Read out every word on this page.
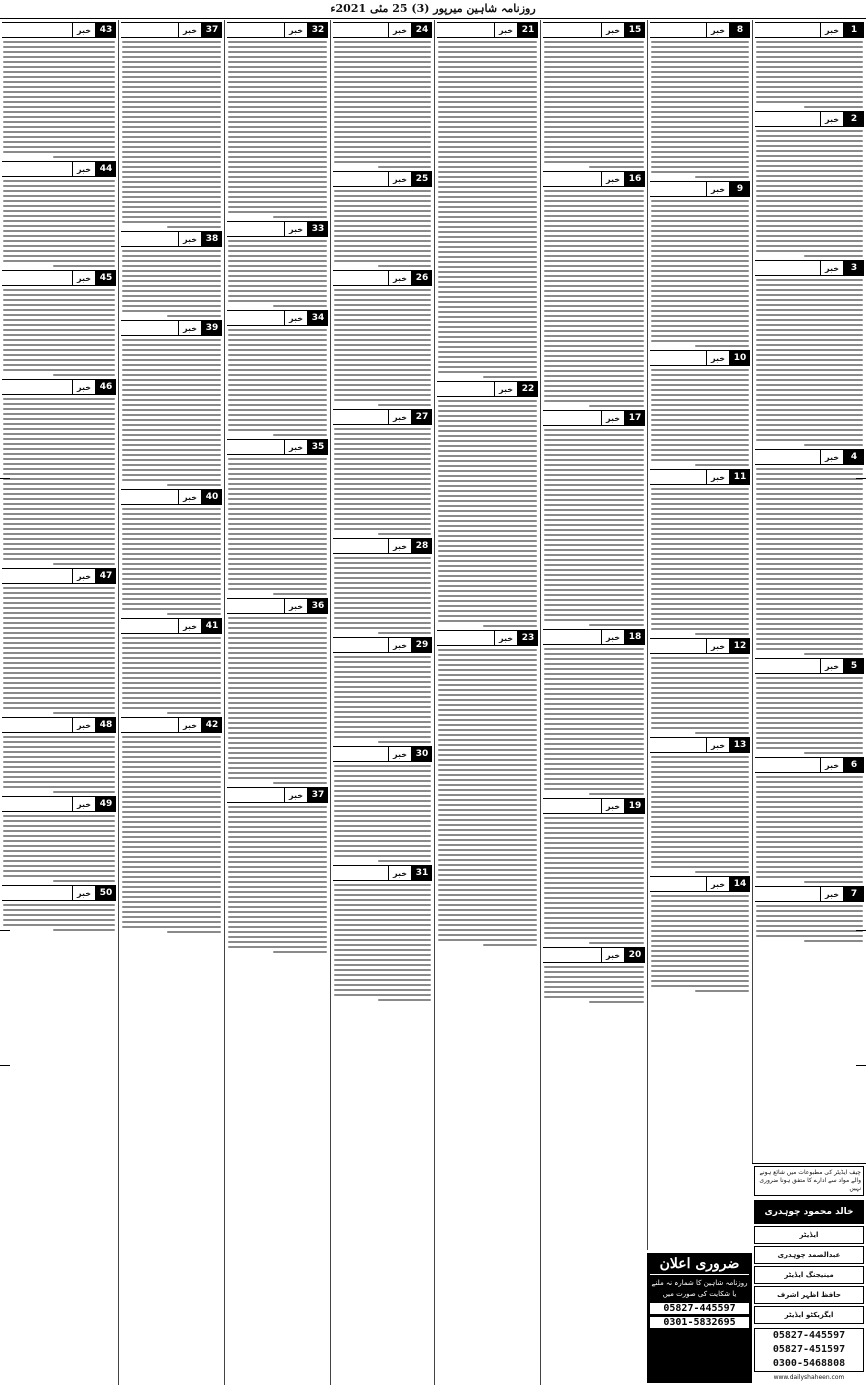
روزنامہ شاہین میرپور (3) 25 مئی 2021ء
1
خبر
2
خبر
3
خبر
4
خبر
5
خبر
6
خبر
7
خبر
8
خبر
9
خبر
10
خبر
11
خبر
12
خبر
13
خبر
14
خبر
15
خبر
16
خبر
17
خبر
18
خبر
19
خبر
20
خبر
21
خبر
22
خبر
23
خبر
24
خبر
25
خبر
26
خبر
27
خبر
28
خبر
29
خبر
30
خبر
31
خبر
32
خبر
33
خبر
34
خبر
35
خبر
36
خبر
37
خبر
37
خبر
38
خبر
39
خبر
40
خبر
41
خبر
42
خبر
43
خبر
44
خبر
45
خبر
46
خبر
47
خبر
48
خبر
49
خبر
50
خبر
ضروری اعلان
روزنامہ شاہین کا شمارہ نہ ملنے یا شکایت کی صورت میں
05827-445597
0301-5832695
چیف ایڈیٹر کی مطبوعات میں شائع ہونے والے مواد سے ادارے کا متفق ہونا ضروری نہیں
خالد محمود چوہدری
ایڈیٹر
عبدالصمد چوہدری
مینیجنگ ایڈیٹر
حافظ اظہر اشرف
ایگزیکٹو ایڈیٹر
05827-445597
05827-451597
0300-5468808
www.dailyshaheen.com
